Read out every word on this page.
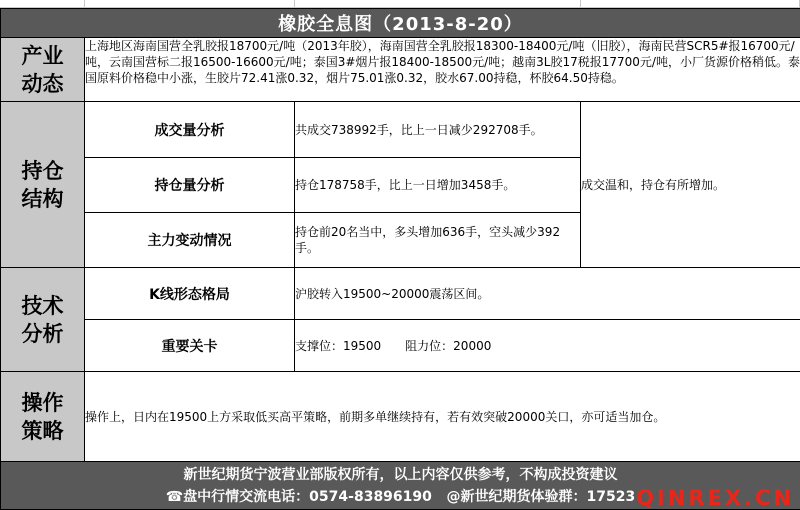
橡胶全息图（2013-8-20）			

产业
动态	上海地区海南国营全乳胶报18700元/吨（2013年胶），海南国营全乳胶报18300-18400元/吨（旧胶），海南民营SCR5#报16700元/吨，云南国营标二报16500-16600元/吨；泰国3#烟片报18400-18500元/吨；越南3L胶17税报17700元/吨，小厂货源价格稍低。泰国原料价格稳中小涨，生胶片72.41涨0.32，烟片75.01涨0.32，胶水67.00持稳，杯胶64.50持稳。		

持仓
结构	成交量分析	共成交738992手，比上一日减少292708手。	成交温和，持仓有所增加。
	持仓量分析	持仓178758手，比上一日增加3458手。	
	主力变动情况	持仓前20名当中，多头增加636手，空头减少392手。	

技术
分析	K线形态格局	沪胶转入19500~20000震荡区间。	
	重要关卡	支撑位：19500　　阻力位：20000	

操作
策略	操作上，日内在19500上方采取低买高平策略，前期多单继续持有，若有效突破20000关口，亦可适当加仓。		

新世纪期货宁波营业部版权所有，以上内容仅供参考，不构成投资建议
☎盘中行情交流电话：0574-83896190 @新世纪期货体验群：17523 QINREX.CN			
